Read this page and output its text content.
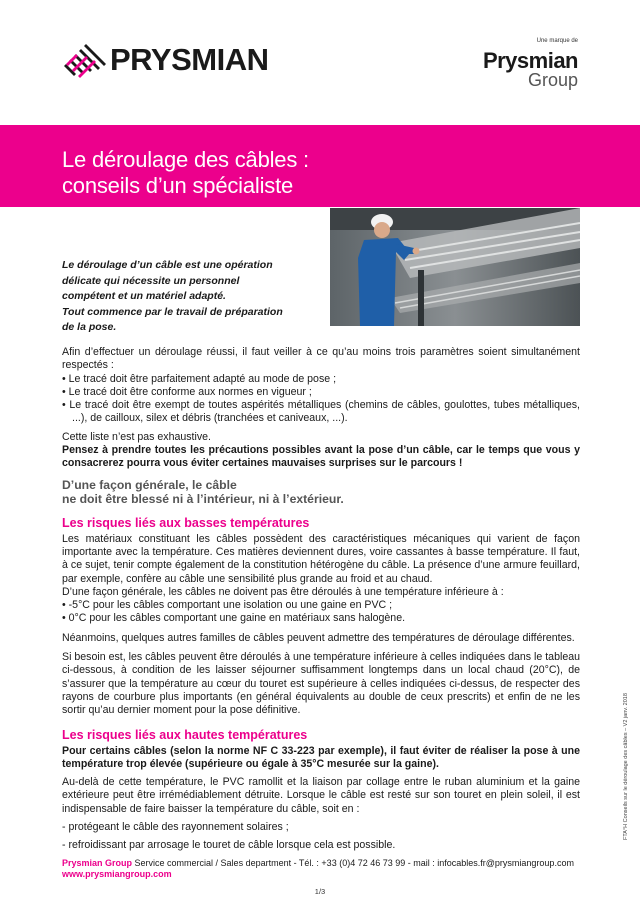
PRYSMIAN
Une marque de
Prysmian
Group
Le déroulage des câbles :
conseils d’un spécialiste
Le déroulage d’un câble est une opération
délicate qui nécessite un personnel
compétent et un matériel adapté.
Tout commence par le travail de préparation
de la pose.

Afin d’effectuer un déroulage réussi, il faut veiller à ce qu’au moins trois paramètres soient simultanément respectés :

• Le tracé doit être parfaitement adapté au mode de pose ;

• Le tracé doit être conforme aux normes en vigueur ;

• Le tracé doit être exempt de toutes aspérités métalliques (chemins de câbles, goulottes, tubes métalliques, ...), de cailloux, silex et débris (tranchées et caniveaux, ...).

Cette liste n’est pas exhaustive.

Pensez à prendre toutes les précautions possibles avant la pose d’un câble, car le temps que vous y consacrerez pourra vous éviter certaines mauvaises surprises sur le parcours !

D’une façon générale, le câble
ne doit être blessé ni à l’intérieur, ni à l’extérieur.
Les risques liés aux basses températures

Les matériaux constituant les câbles possèdent des caractéristiques mécaniques qui varient de façon importante avec la température. Ces matières deviennent dures, voire cassantes à basse température. Il faut, à ce sujet, tenir compte également de la constitution hétérogène du câble. La présence d’une armure feuillard, par exemple, confère au câble une sensibilité plus grande au froid et au chaud.

D’une façon générale, les câbles ne doivent pas être déroulés à une température inférieure à :

• -5°C pour les câbles comportant une isolation ou une gaine en PVC ;

• 0°C pour les câbles comportant une gaine en matériaux sans halogène.

Néanmoins, quelques autres familles de câbles peuvent admettre des températures de déroulage différentes.

Si besoin est, les câbles peuvent être déroulés à une température inférieure à celles indiquées dans le tableau ci-dessous, à condition de les laisser séjourner suffisamment longtemps dans un local chaud (20°C), de s’assurer que la température au cœur du touret est supérieure à celles indiquées ci-dessus, de respecter des rayons de courbure plus importants (en général équivalents au double de ceux prescrits) et enfin de ne les sortir qu’au dernier moment pour la pose définitive.

Les risques liés aux hautes températures

Pour certains câbles (selon la norme NF C 33-223 par exemple), il faut éviter de réaliser la pose à une température trop élevée (supérieure ou égale à 35°C mesurée sur la gaine).

Au-delà de cette température, le PVC ramollit et la liaison par collage entre le ruban aluminium et la gaine extérieure peut être irrémédiablement détruite. Lorsque le câble est resté sur son touret en plein soleil, il est indispensable de faire baisser la température du câble, soit en :

- protégeant le câble des rayonnement solaires ;

- refroidissant par arrosage le touret de câble lorsque cela est possible.

Prysmian Group Service commercial / Sales department - Tél. : +33 (0)4 72 46 73 99 - mail : infocables.fr@prysmiangroup.com
www.prysmiangroup.com
1/3
FTA°H Conseils sur le déroulage des câbles – V2 janv. 2018
